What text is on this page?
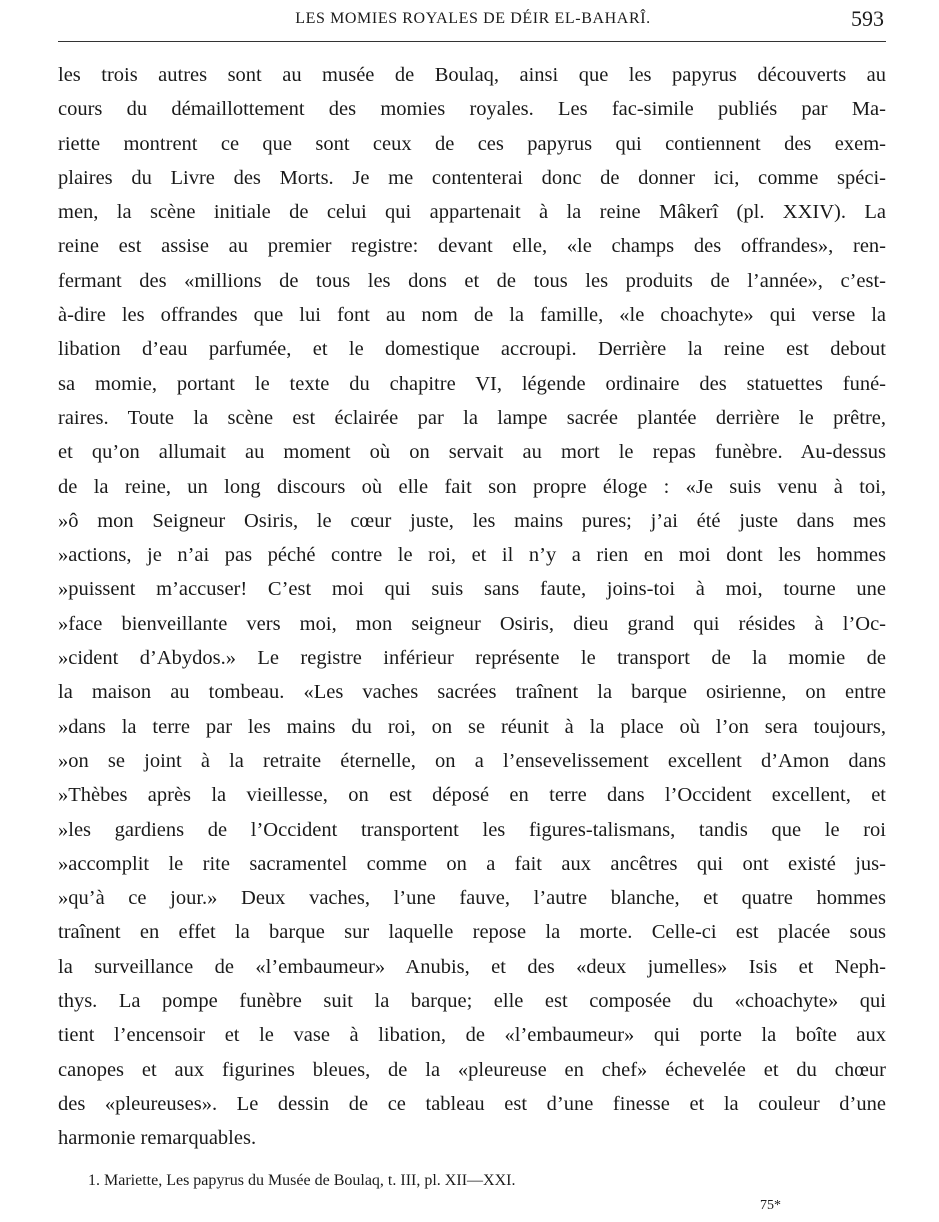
LES MOMIES ROYALES DE DÉIR EL-BAHARÎ.	593
les trois autres sont au musée de Boulaq, ainsi que les papyrus découverts au
cours du démaillottement des momies royales. Les fac-simile publiés par Ma-
riette montrent ce que sont ceux de ces papyrus qui contiennent des exem-
plaires du Livre des Morts. Je me contenterai donc de donner ici, comme spéci-
men, la scène initiale de celui qui appartenait à la reine Mâkerî (pl. XXIV). La
reine est assise au premier registre: devant elle, «le champs des offrandes», ren-
fermant des «millions de tous les dons et de tous les produits de l’année», c’est-
à-dire les offrandes que lui font au nom de la famille, «le choachyte» qui verse la
libation d’eau parfumée, et le domestique accroupi. Derrière la reine est debout
sa momie, portant le texte du chapitre VI, légende ordinaire des statuettes funé-
raires. Toute la scène est éclairée par la lampe sacrée plantée derrière le prêtre,
et qu’on allumait au moment où on servait au mort le repas funèbre. Au-dessus
de la reine, un long discours où elle fait son propre éloge : «Je suis venu à toi,
»ô mon Seigneur Osiris, le cœur juste, les mains pures; j’ai été juste dans mes
»actions, je n’ai pas péché contre le roi, et il n’y a rien en moi dont les hommes
»puissent m’accuser! C’est moi qui suis sans faute, joins-toi à moi, tourne une
»face bienveillante vers moi, mon seigneur Osiris, dieu grand qui résides à l’Oc-
»cident d’Abydos.» Le registre inférieur représente le transport de la momie de
la maison au tombeau. «Les vaches sacrées traînent la barque osirienne, on entre
»dans la terre par les mains du roi, on se réunit à la place où l’on sera toujours,
»on se joint à la retraite éternelle, on a l’ensevelissement excellent d’Amon dans
»Thèbes après la vieillesse, on est déposé en terre dans l’Occident excellent, et
»les gardiens de l’Occident transportent les figures-talismans, tandis que le roi
»accomplit le rite sacramentel comme on a fait aux ancêtres qui ont existé jus-
»qu’à ce jour.» Deux vaches, l’une fauve, l’autre blanche, et quatre hommes
traînent en effet la barque sur laquelle repose la morte. Celle-ci est placée sous
la surveillance de «l’embaumeur» Anubis, et des «deux jumelles» Isis et Neph-
thys. La pompe funèbre suit la barque; elle est composée du «choachyte» qui
tient l’encensoir et le vase à libation, de «l’embaumeur» qui porte la boîte aux
canopes et aux figurines bleues, de la «pleureuse en chef» échevelée et du chœur
des «pleureuses». Le dessin de ce tableau est d’une finesse et la couleur d’une
harmonie remarquables.
1. Mariette, Les papyrus du Musée de Boulaq, t. III, pl. XII—XXI.
75*
